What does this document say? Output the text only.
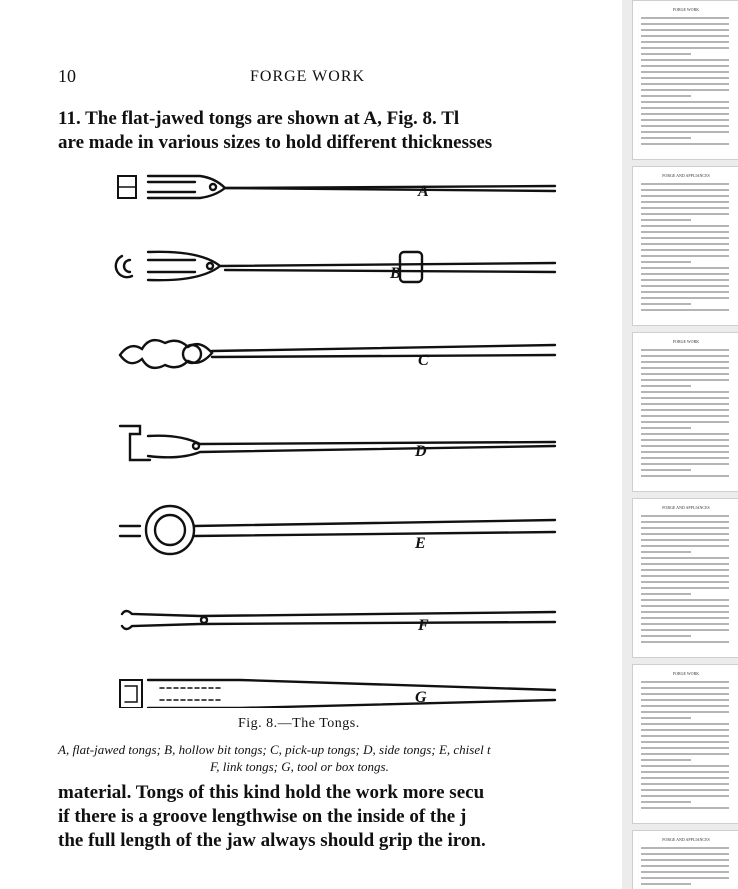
10	FORGE WORK
11. The flat-jawed tongs are shown at A, Fig. 8. Tl
are made in various sizes to hold different thicknesses
A
B
C
D
E
F
G
Fig. 8.—The Tongs.
A, flat-jawed tongs; B, hollow bit tongs; C, pick-up tongs; D, side tongs; E, chisel t
F, link tongs; G, tool or box tongs.
material. Tongs of this kind hold the work more secu
if there is a groove lengthwise on the inside of the j
the full length of the jaw always should grip the iron.
FORGE WORK
FORGE AND APPLIANCES
FORGE WORK
FORGE AND APPLIANCES
FORGE WORK
FORGE AND APPLIANCES
